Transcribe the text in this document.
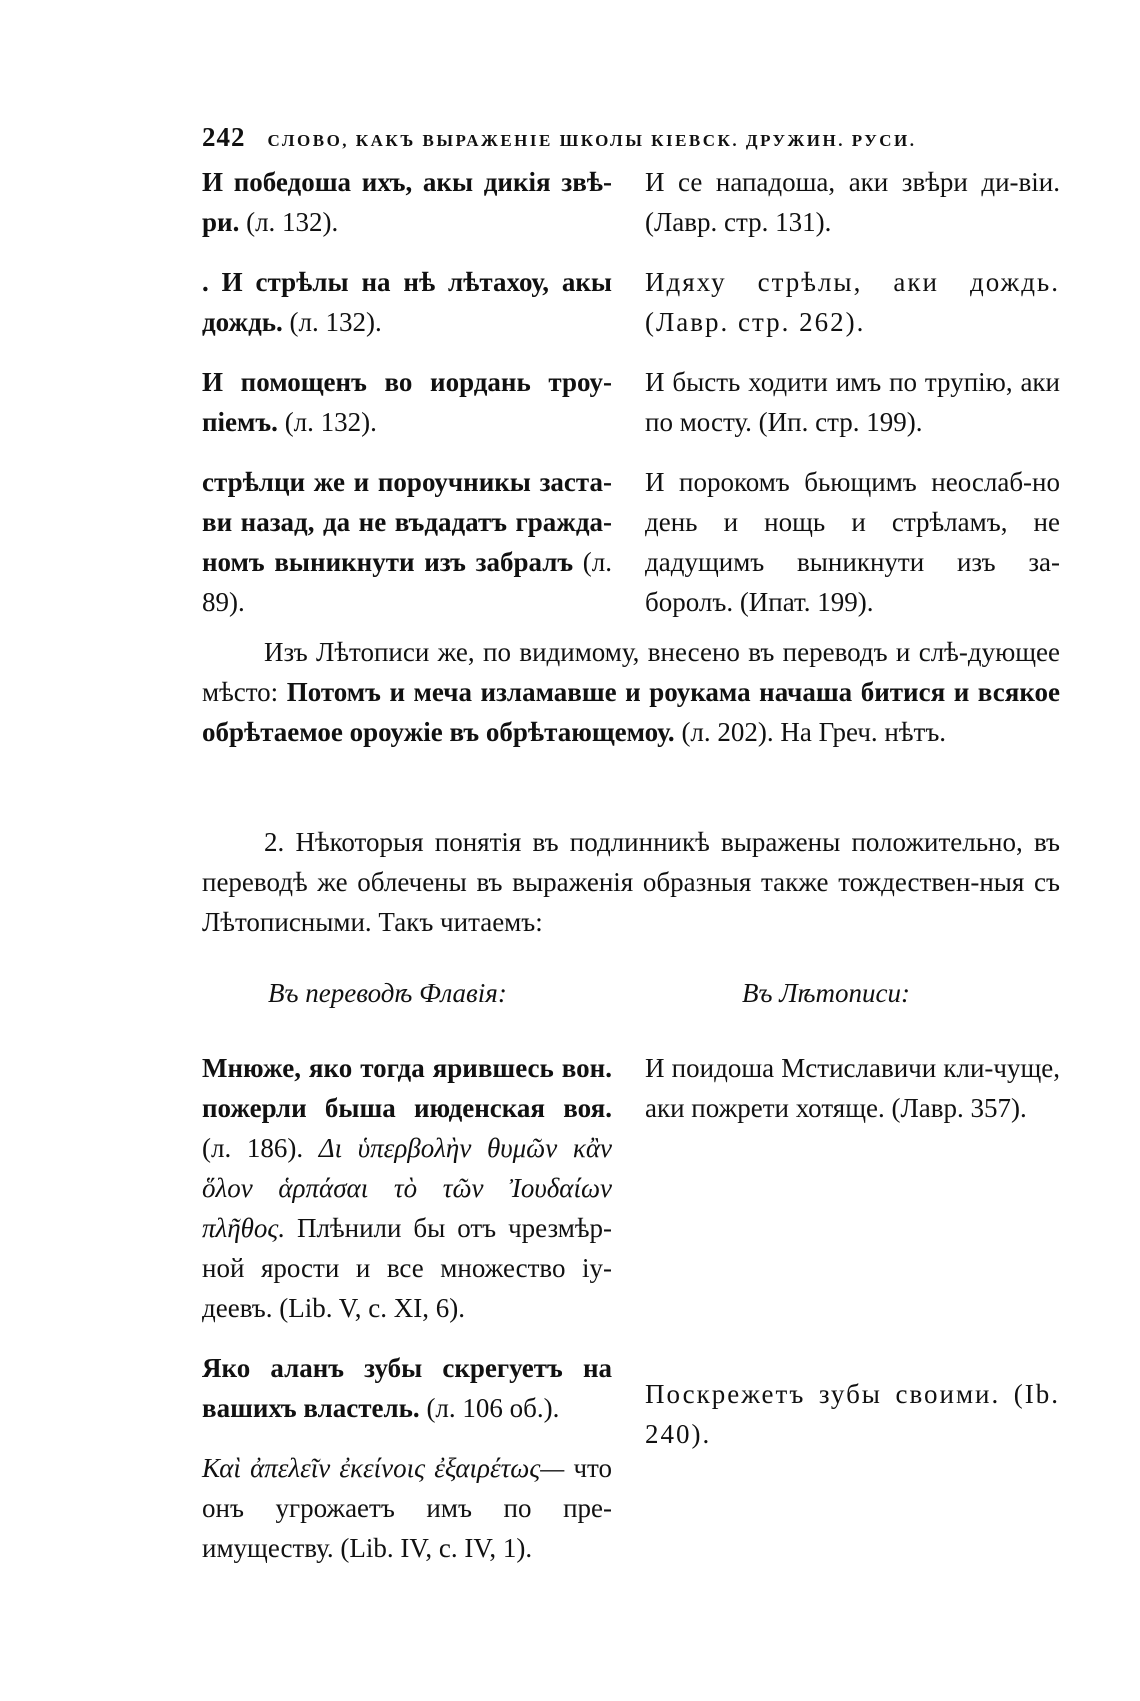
242 СЛОВО, КАКЪ ВЫРАЖЕНІЕ ШКОЛЫ КІЕВСК. ДРУЖИН. РУСИ.

И победоша ихъ, акы дикія звѣ-ри. (л. 132).

. И стрѣлы на нѣ лѣтахоу, акы дождь. (л. 132).

И помощенъ во иордань троу-піемъ. (л. 132).

стрѣлци же и пороучникы заста-ви назад, да не въдадатъ гражда-номъ выникнути изъ забралъ (л. 89).

И се нападоша, аки звѣри ди-віи. (Лавр. стр. 131).

Идяху стрѣлы, аки дождь. (Лавр. стр. 262).

И бысть ходити имъ по трупію, аки по мосту. (Ип. стр. 199).

И порокомъ бьющимъ неослаб-но день и нощь и стрѣламъ, не дадущимъ выникнути изъ за-боролъ. (Ипат. 199).

Изъ Лѣтописи же, по видимому, внесено въ переводъ и слѣ-дующее мѣсто: Потомъ и меча изламавше и роукама начаша битися и всякое обрѣтаемое ороужіе въ обрѣтающемоу. (л. 202). На Греч. нѣтъ.

2. Нѣкоторыя понятія въ подлинникѣ выражены положительно, въ переводѣ же облечены въ выраженія образныя также тождествен-ныя съ Лѣтописными. Такъ читаемъ:

Въ переводѣ Флавія:	Въ Лѣтописи:

Мнюже, яко тогда ярившесь вон. пожерли быша июденская воя. (л. 186). Δι ὑπερβολὴν θυμῶν κἂν ὅλον ἁρπάσαι τὸ τῶν Ἰουδαίων πλῆθος. Плѣнили бы отъ чрезмѣр-ной ярости и все множество іу-деевъ. (Lib. V, c. XI, 6).

Яко аланъ зубы скрегуетъ на вашихъ властель. (л. 106 об.).

Καὶ ἀπελεῖν ἐκείνοις ἐξαιρέτως— что онъ угрожаетъ имъ по пре-имуществу. (Lib. IV, c. IV, 1).

И поидоша Мстиславичи кли-чуще, аки пожрети хотяще. (Лавр. 357).

Поскрежетъ зубы своими. (Ib. 240).
